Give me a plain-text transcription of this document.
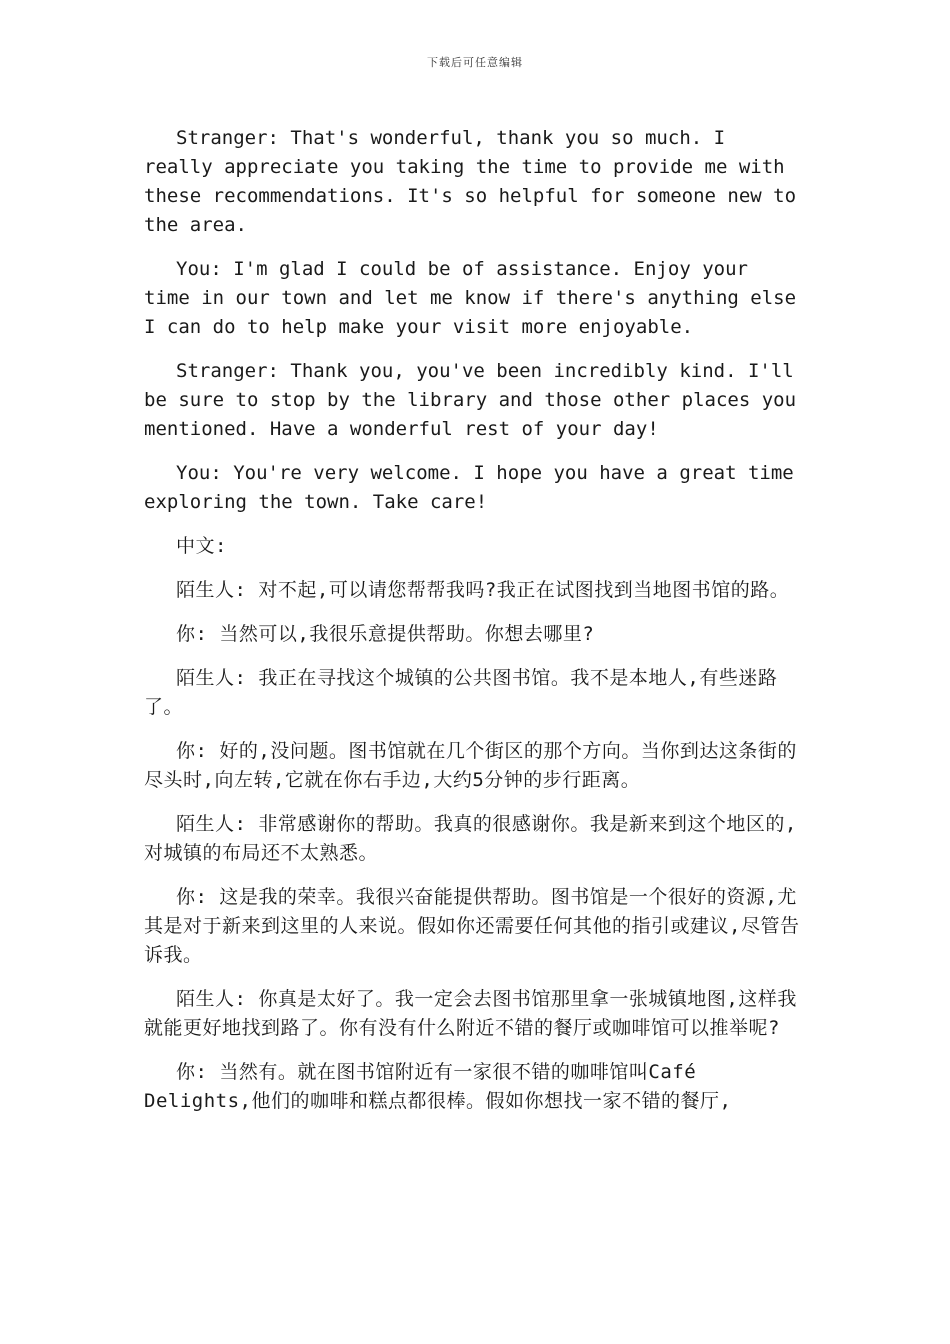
下载后可任意编辑

Stranger: That's wonderful, thank you so much. I really appreciate you taking the time to provide me with these recommendations. It's so helpful for someone new to the area.

You: I'm glad I could be of assistance. Enjoy your time in our town and let me know if there's anything else I can do to help make your visit more enjoyable.

Stranger: Thank you, you've been incredibly kind. I'll be sure to stop by the library and those other places you mentioned. Have a wonderful rest of your day!

You: You're very welcome. I hope you have a great time exploring the town. Take care!

中文:

陌生人: 对不起,可以请您帮帮我吗?我正在试图找到当地图书馆的路。

你: 当然可以,我很乐意提供帮助。你想去哪里?

陌生人: 我正在寻找这个城镇的公共图书馆。我不是本地人,有些迷路了。

你: 好的,没问题。图书馆就在几个街区的那个方向。当你到达这条街的尽头时,向左转,它就在你右手边,大约5分钟的步行距离。

陌生人: 非常感谢你的帮助。我真的很感谢你。我是新来到这个地区的,对城镇的布局还不太熟悉。

你: 这是我的荣幸。我很兴奋能提供帮助。图书馆是一个很好的资源,尤其是对于新来到这里的人来说。假如你还需要任何其他的指引或建议,尽管告诉我。

陌生人: 你真是太好了。我一定会去图书馆那里拿一张城镇地图,这样我就能更好地找到路了。你有没有什么附近不错的餐厅或咖啡馆可以推举呢?

你: 当然有。就在图书馆附近有一家很不错的咖啡馆叫Café Delights,他们的咖啡和糕点都很棒。假如你想找一家不错的餐厅,
